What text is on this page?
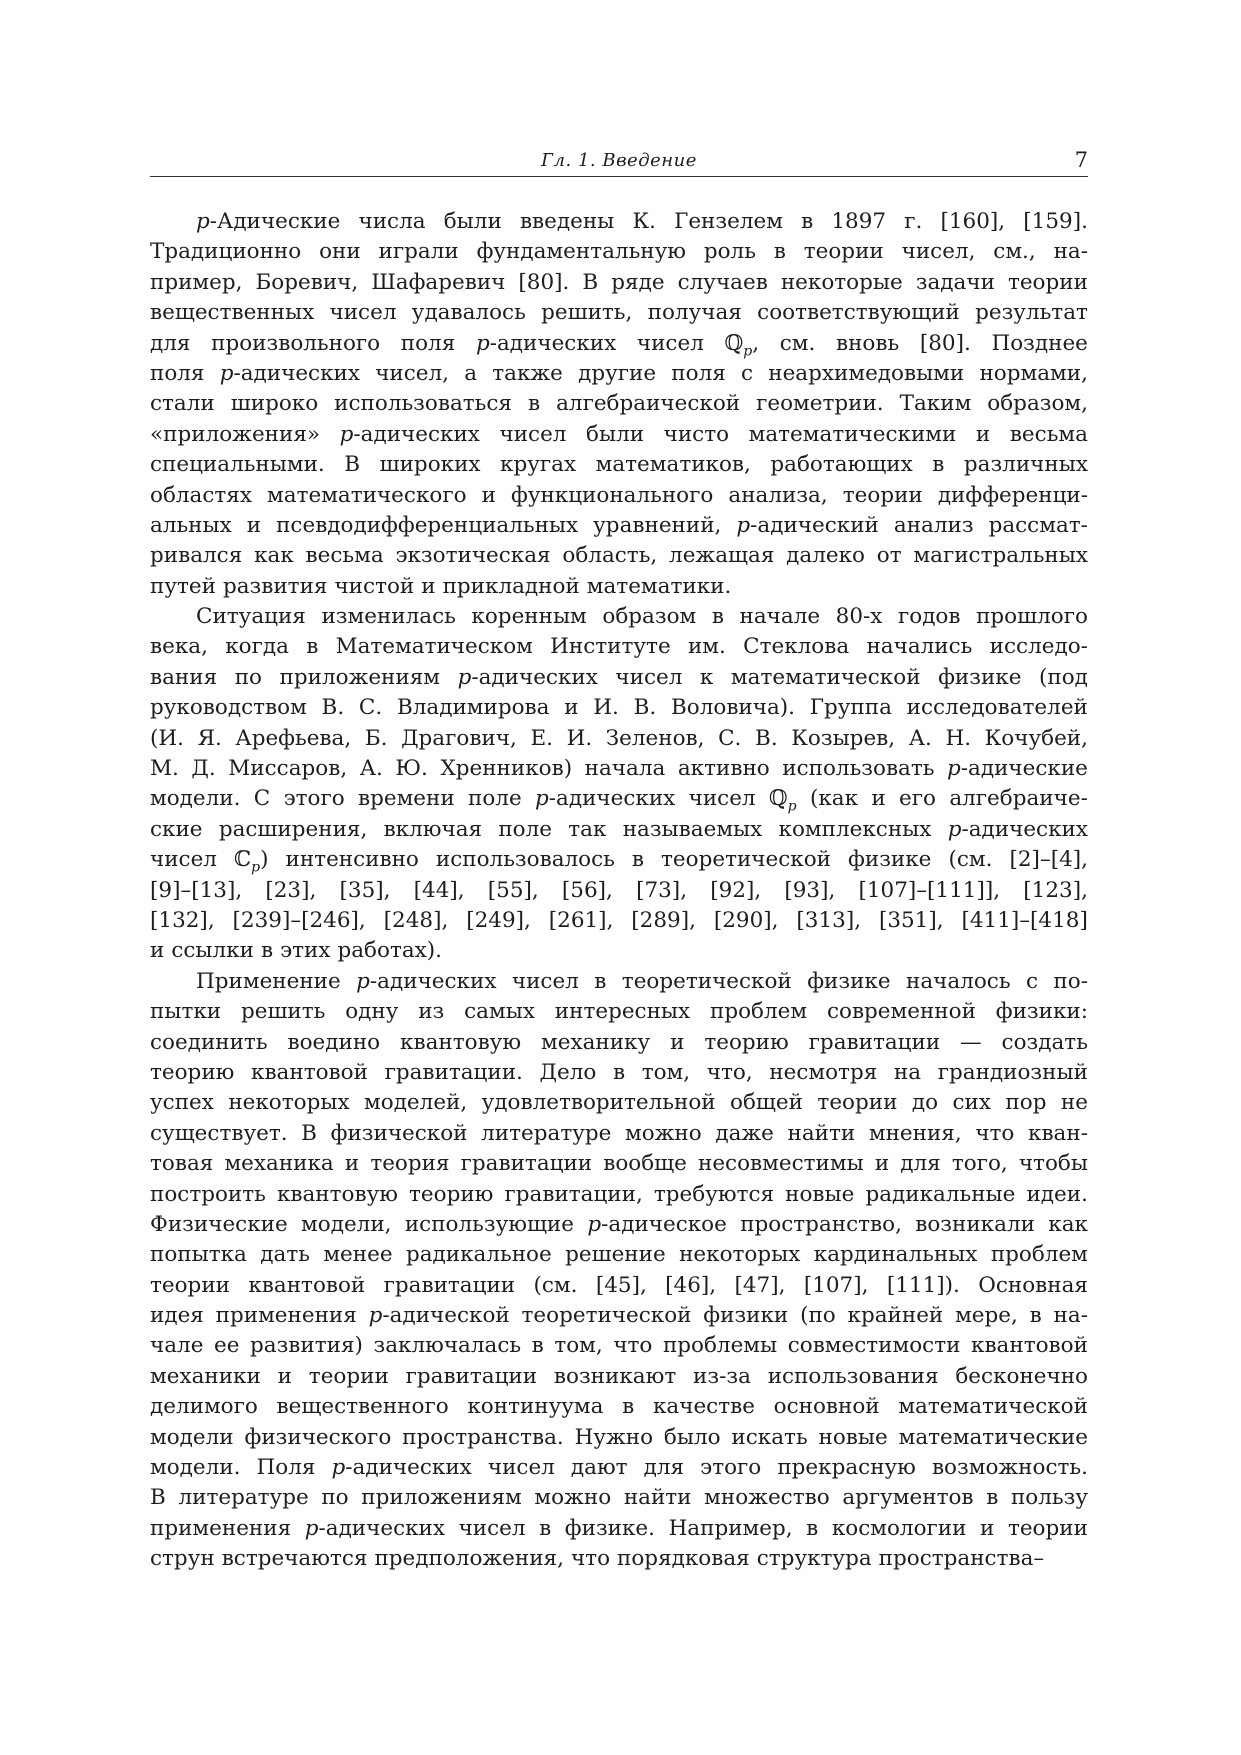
Гл. 1. Введение	7
p-Адические числа были введены К. Гензелем в 1897 г. [160], [159].
Традиционно они играли фундаментальную роль в теории чисел, см., на-
пример, Боревич, Шафаревич [80]. В ряде случаев некоторые задачи теории
вещественных чисел удавалось решить, получая соответствующий результат
для произвольного поля p-адических чисел ℚ$_p$, см. вновь [80]. Позднее
поля p-адических чисел, а также другие поля с неархимедовыми нормами,
стали широко использоваться в алгебраической геометрии. Таким образом,
«приложения» p-адических чисел были чисто математическими и весьма
специальными. В широких кругах математиков, работающих в различных
областях математического и функционального анализа, теории дифференци-
альных и псевдодифференциальных уравнений, p-адический анализ рассмат-
ривался как весьма экзотическая область, лежащая далеко от магистральных
путей развития чистой и прикладной математики.
Ситуация изменилась коренным образом в начале 80-х годов прошлого
века, когда в Математическом Институте им. Стеклова начались исследо-
вания по приложениям p-адических чисел к математической физике (под
руководством В. С. Владимирова и И. В. Воловича). Группа исследователей
(И. Я. Арефьева, Б. Драгович, Е. И. Зеленов, С. В. Козырев, А. Н. Кочубей,
М. Д. Миссаров, А. Ю. Хренников) начала активно использовать p-адические
модели. С этого времени поле p-адических чисел ℚ$_p$ (как и его алгебраиче-
ские расширения, включая поле так называемых комплексных p-адических
чисел ℂ$_p$) интенсивно использовалось в теоретической физике (см. [2]–[4],
[9]–[13], [23], [35], [44], [55], [56], [73], [92], [93], [107]–[111]], [123],
[132], [239]–[246], [248], [249], [261], [289], [290], [313], [351], [411]–[418]
и ссылки в этих работах).
Применение p-адических чисел в теоретической физике началось с по-
пытки решить одну из самых интересных проблем современной физики:
соединить воедино квантовую механику и теорию гравитации — создать
теорию квантовой гравитации. Дело в том, что, несмотря на грандиозный
успех некоторых моделей, удовлетворительной общей теории до сих пор не
существует. В физической литературе можно даже найти мнения, что кван-
товая механика и теория гравитации вообще несовместимы и для того, чтобы
построить квантовую теорию гравитации, требуются новые радикальные идеи.
Физические модели, использующие p-адическое пространство, возникали как
попытка дать менее радикальное решение некоторых кардинальных проблем
теории квантовой гравитации (см. [45], [46], [47], [107], [111]). Основная
идея применения p-адической теоретической физики (по крайней мере, в на-
чале ее развития) заключалась в том, что проблемы совместимости квантовой
механики и теории гравитации возникают из-за использования бесконечно
делимого вещественного континуума в качестве основной математической
модели физического пространства. Нужно было искать новые математические
модели. Поля p-адических чисел дают для этого прекрасную возможность.
В литературе по приложениям можно найти множество аргументов в пользу
применения p-адических чисел в физике. Например, в космологии и теории
струн встречаются предположения, что порядковая структура пространства–
